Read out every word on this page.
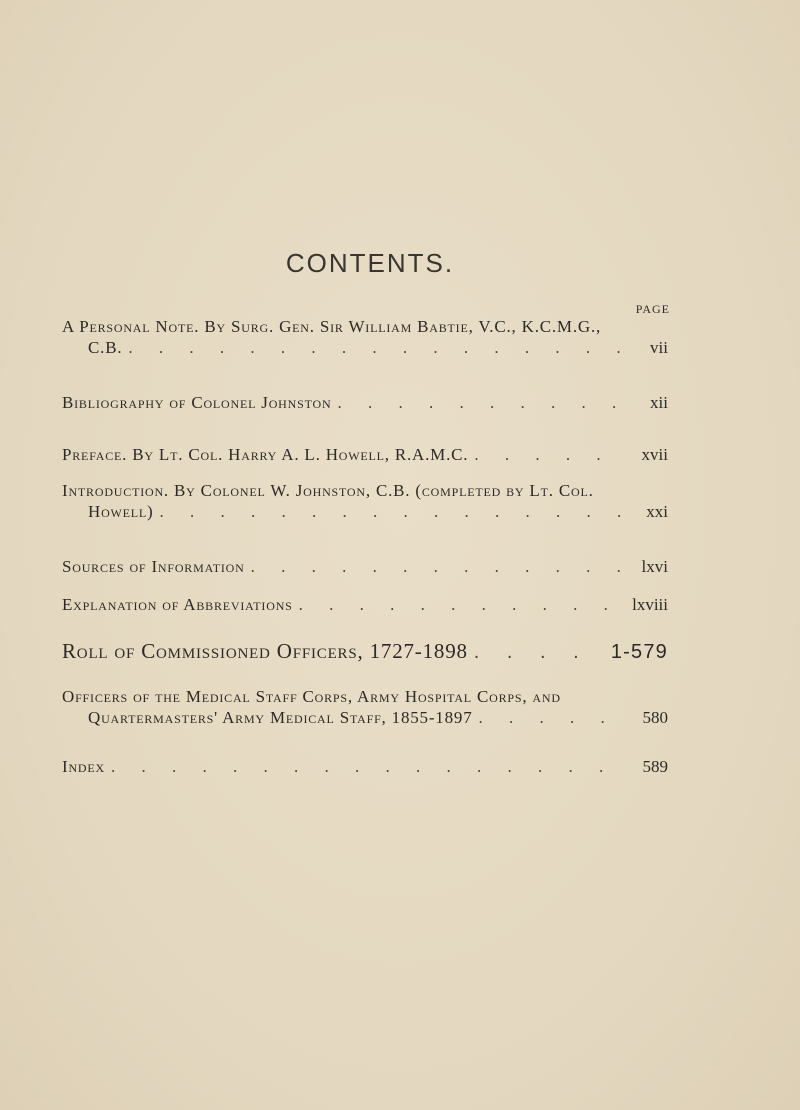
CONTENTS.
PAGE
A Personal Note. By Surg. Gen. Sir William Babtie, V.C., K.C.M.G.,
C.B. . . .	vii
Bibliography of Colonel Johnston . . .	xii
Preface. By Lt. Col. Harry A. L. Howell, R.A.M.C. . . .	xvii
Introduction. By Colonel W. Johnston, C.B. (completed by Lt. Col.
Howell) . . .	xxi
Sources of Information . . .	lxvi
Explanation of Abbreviations . . .	lxviii
Roll of Commissioned Officers, 1727-1898 . . .	1-579
Officers of the Medical Staff Corps, Army Hospital Corps, and
Quartermasters' Army Medical Staff, 1855-1897 . . .	580
Index . . .	589
